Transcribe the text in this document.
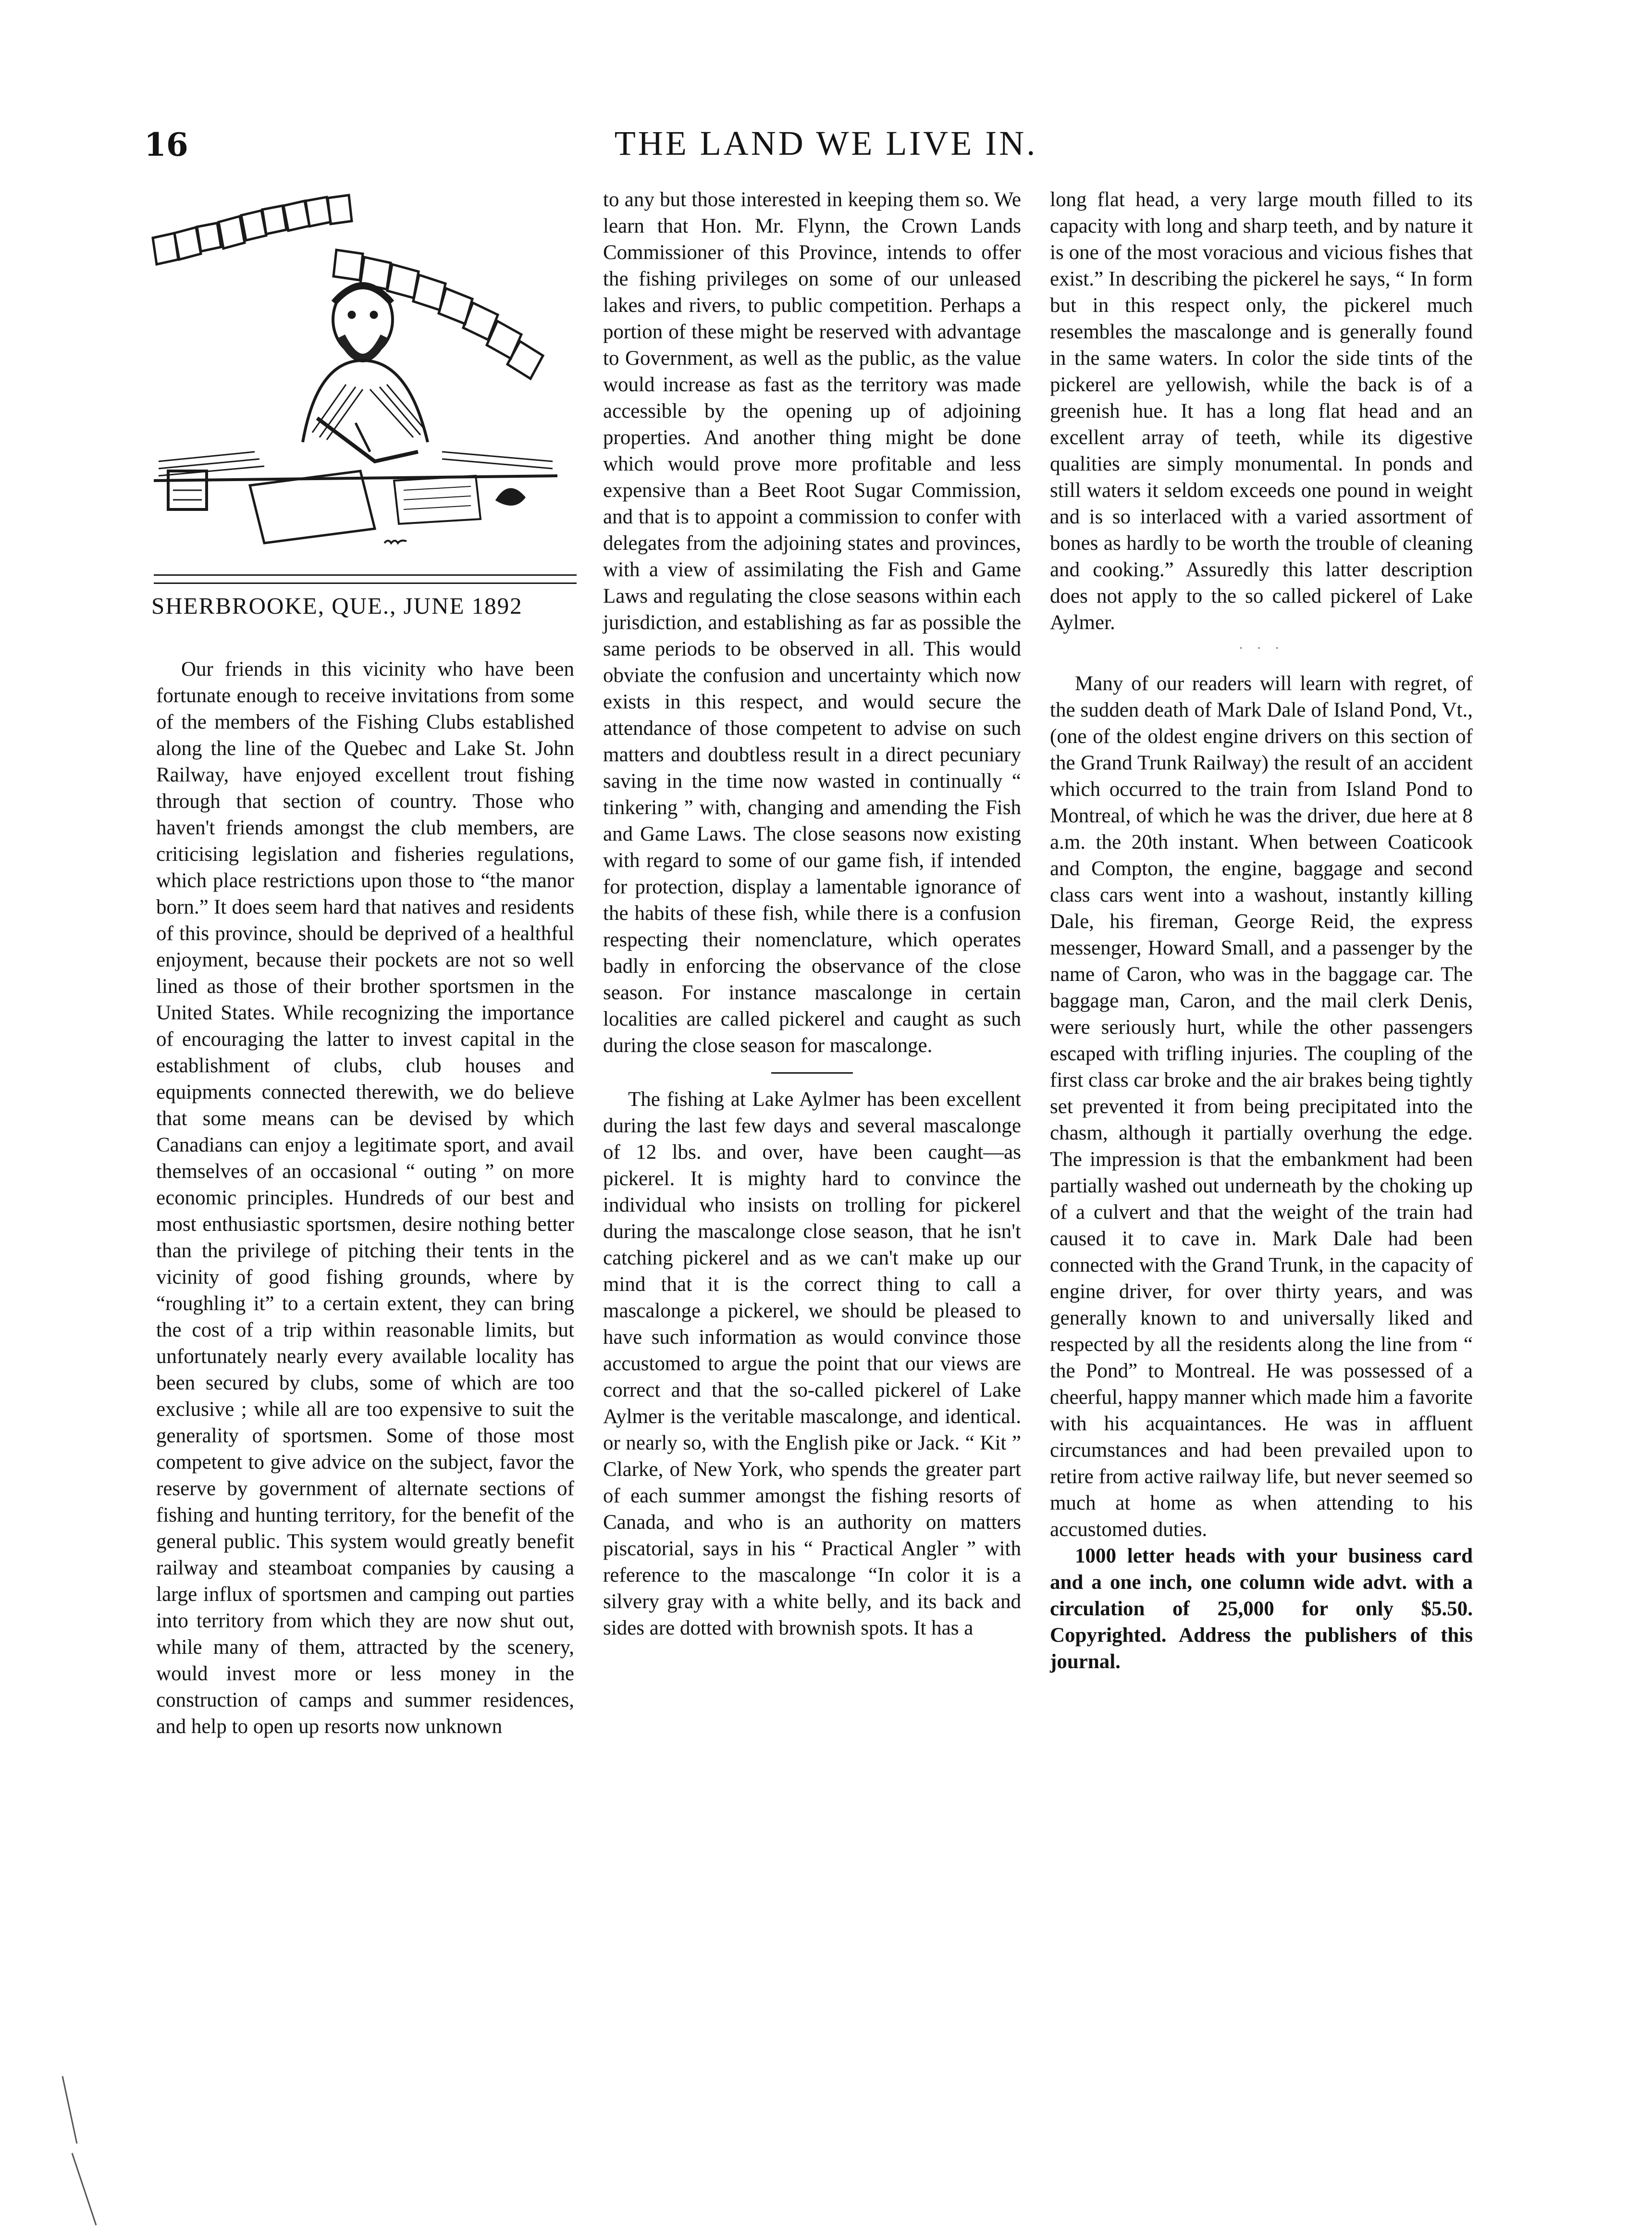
16	THE LAND WE LIVE IN.
SHERBROOKE, QUE., JUNE 1892

Our friends in this vicinity who have been fortunate enough to receive invitations from some of the members of the Fishing Clubs established along the line of the Quebec and Lake St. John Railway, have enjoyed excellent trout fishing through that section of country. Those who haven't friends amongst the club members, are criticising legislation and fisheries regulations, which place restrictions upon those to “the manor born.” It does seem hard that natives and residents of this province, should be deprived of a healthful enjoyment, because their pockets are not so well lined as those of their brother sportsmen in the United States. While recognizing the importance of encouraging the latter to invest capital in the establishment of clubs, club houses and equipments connected therewith, we do believe that some means can be devised by which Canadians can enjoy a legitimate sport, and avail themselves of an occasional “ outing ” on more economic principles. Hundreds of our best and most enthusiastic sportsmen, desire nothing better than the privilege of pitching their tents in the vicinity of good fishing grounds, where by “roughling it” to a certain extent, they can bring the cost of a trip within reasonable limits, but unfortunately nearly every available locality has been secured by clubs, some of which are too exclusive ; while all are too expensive to suit the generality of sportsmen. Some of those most competent to give advice on the subject, favor the reserve by government of alternate sections of fishing and hunting territory, for the benefit of the general public. This system would greatly benefit railway and steamboat companies by causing a large influx of sportsmen and camping out parties into territory from which they are now shut out, while many of them, attracted by the scenery, would invest more or less money in the construction of camps and summer residences, and help to open up resorts now unknown

to any but those interested in keeping them so. We learn that Hon. Mr. Flynn, the Crown Lands Commissioner of this Province, intends to offer the fishing privileges on some of our unleased lakes and rivers, to public competition. Perhaps a portion of these might be reserved with advantage to Government, as well as the public, as the value would increase as fast as the territory was made accessible by the opening up of adjoining properties. And another thing might be done which would prove more profitable and less expensive than a Beet Root Sugar Commission, and that is to appoint a commission to confer with delegates from the adjoining states and provinces, with a view of assimilating the Fish and Game Laws and regulating the close seasons within each jurisdiction, and establishing as far as possible the same periods to be observed in all. This would obviate the confusion and uncertainty which now exists in this respect, and would secure the attendance of those competent to advise on such matters and doubtless result in a direct pecuniary saving in the time now wasted in continually “ tinkering ” with, changing and amending the Fish and Game Laws. The close seasons now existing with regard to some of our game fish, if intended for protection, display a lamentable ignorance of the habits of these fish, while there is a confusion respecting their nomenclature, which operates badly in enforcing the observance of the close season. For instance mascalonge in certain localities are called pickerel and caught as such during the close season for mascalonge.

The fishing at Lake Aylmer has been excellent during the last few days and several mascalonge of 12 lbs. and over, have been caught—as pickerel. It is mighty hard to convince the individual who insists on trolling for pickerel during the mascalonge close season, that he isn't catching pickerel and as we can't make up our mind that it is the correct thing to call a mascalonge a pickerel, we should be pleased to have such information as would convince those accustomed to argue the point that our views are correct and that the so-called pickerel of Lake Aylmer is the veritable mascalonge, and identical. or nearly so, with the English pike or Jack. “ Kit ” Clarke, of New York, who spends the greater part of each summer amongst the fishing resorts of Canada, and who is an authority on matters piscatorial, says in his “ Practical Angler ” with reference to the mascalonge “In color it is a silvery gray with a white belly, and its back and sides are dotted with brownish spots. It has a

long flat head, a very large mouth filled to its capacity with long and sharp teeth, and by nature it is one of the most voracious and vicious fishes that exist.” In describing the pickerel he says, “ In form but in this respect only, the pickerel much resembles the mascalonge and is generally found in the same waters. In color the side tints of the pickerel are yellowish, while the back is of a greenish hue. It has a long flat head and an excellent array of teeth, while its digestive qualities are simply monumental. In ponds and still waters it seldom exceeds one pound in weight and is so interlaced with a varied assortment of bones as hardly to be worth the trouble of cleaning and cooking.” Assuredly this latter description does not apply to the so called pickerel of Lake Aylmer.

· · ·

Many of our readers will learn with regret, of the sudden death of Mark Dale of Island Pond, Vt., (one of the oldest engine drivers on this section of the Grand Trunk Railway) the result of an accident which occurred to the train from Island Pond to Montreal, of which he was the driver, due here at 8 a.m. the 20th instant. When between Coaticook and Compton, the engine, baggage and second class cars went into a washout, instantly killing Dale, his fireman, George Reid, the express messenger, Howard Small, and a passenger by the name of Caron, who was in the baggage car. The baggage man, Caron, and the mail clerk Denis, were seriously hurt, while the other passengers escaped with trifling injuries. The coupling of the first class car broke and the air brakes being tightly set prevented it from being precipitated into the chasm, although it partially overhung the edge. The impression is that the embankment had been partially washed out underneath by the choking up of a culvert and that the weight of the train had caused it to cave in. Mark Dale had been connected with the Grand Trunk, in the capacity of engine driver, for over thirty years, and was generally known to and universally liked and respected by all the residents along the line from “ the Pond” to Montreal. He was possessed of a cheerful, happy manner which made him a favorite with his acquaintances. He was in affluent circumstances and had been prevailed upon to retire from active railway life, but never seemed so much at home as when attending to his accustomed duties.

1000 letter heads with your business card and a one inch, one column wide advt. with a circulation of 25,000 for only $5.50. Copyrighted. Address the publishers of this journal.
